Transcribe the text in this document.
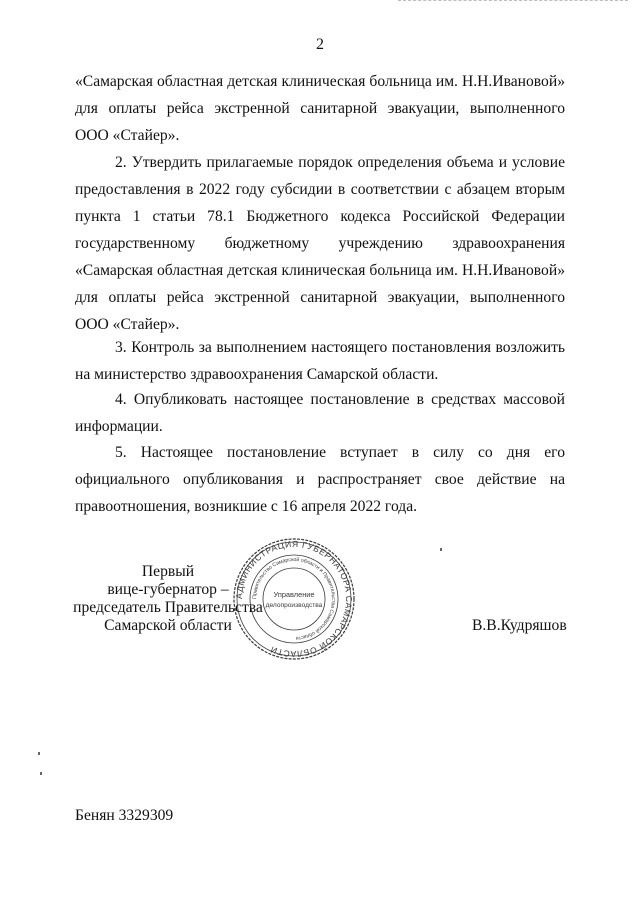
2
«Самарская областная детская клиническая больница им. Н.Н.Ивановой»
для оплаты рейса экстренной санитарной эвакуации, выполненного
ООО «Стайер».
2. Утвердить прилагаемые порядок определения объема и условие
предоставления в 2022 году субсидии в соответствии с абзацем вторым
пункта 1 статьи 78.1 Бюджетного кодекса Российской Федерации
государственному бюджетному учреждению здравоохранения
«Самарская областная детская клиническая больница им. Н.Н.Ивановой»
для оплаты рейса экстренной санитарной эвакуации, выполненного
ООО «Стайер».
3. Контроль за выполнением настоящего постановления возложить
на министерство здравоохранения Самарской области.
4. Опубликовать настоящее постановление в средствах массовой
информации.
5. Настоящее постановление вступает в силу со дня его
официального опубликования и распространяет свое действие на
правоотношения, возникшие с 16 апреля 2022 года.
Первый
вице-губернатор –
председатель Правительства
Самарской области	В.В.Кудряшов
АДМИНИСТРАЦИЯ ГУБЕРНАТОРА САМАРСКОЙ ОБЛАСТИ
Правительство Самарской области и Правительства Самарской области
Управление
делопроизводства
Бенян 3329309
